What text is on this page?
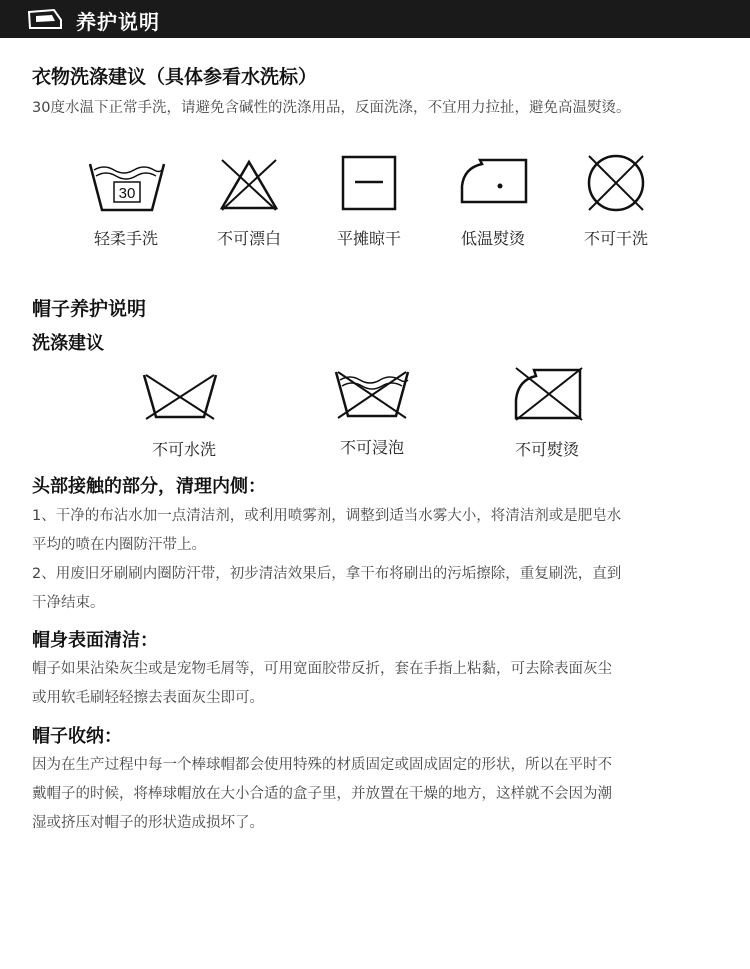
养护说明
衣物洗涤建议（具体参看水洗标）
30度水温下正常手洗，请避免含碱性的洗涤用品，反面洗涤，不宜用力拉扯，避免高温熨烫。
30
轻柔手洗	不可漂白	平摊晾干	低温熨烫	不可干洗
帽子养护说明
洗涤建议
不可水洗	不可浸泡	不可熨烫
头部接触的部分，清理内侧：
1、干净的布沾水加一点清洁剂，或利用喷雾剂，调整到适当水雾大小，将清洁剂或是肥皂水
平均的喷在内圈防汗带上。
2、用废旧牙刷刷内圈防汗带，初步清洁效果后，拿干布将刷出的污垢擦除，重复刷洗，直到
干净结束。
帽身表面清洁：
帽子如果沾染灰尘或是宠物毛屑等，可用宽面胶带反折，套在手指上粘黏，可去除表面灰尘
或用软毛刷轻轻擦去表面灰尘即可。
帽子收纳：
因为在生产过程中每一个棒球帽都会使用特殊的材质固定或固成固定的形状，所以在平时不
戴帽子的时候，将棒球帽放在大小合适的盒子里，并放置在干燥的地方，这样就不会因为潮
湿或挤压对帽子的形状造成损坏了。
